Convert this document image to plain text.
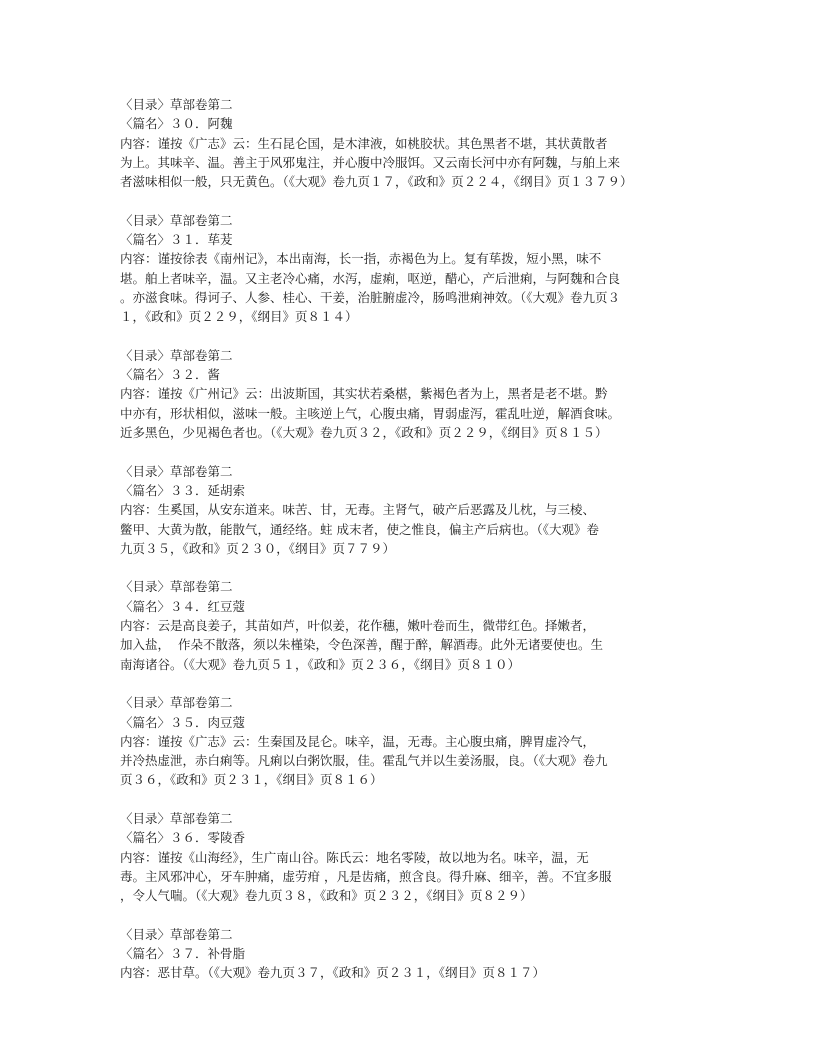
〈目录〉草部卷第二
〈篇名〉３０．阿魏
内容：谨按《广志》云：生石昆仑国，是木津液，如桃胶状。其色黑者不堪，其状黄散者
为上。其味辛、温。善主于风邪鬼注，并心腹中冷服饵。又云南长河中亦有阿魏，与舶上来
者滋味相似一般，只无黄色。（《大观》卷九页１７，《政和》页２２４，《纲目》页１３７９）
〈目录〉草部卷第二
〈篇名〉３１．荜茇
内容：谨按徐表《南州记》，本出南海，长一指，赤褐色为上。复有荜拨，短小黑，味不
堪。舶上者味辛，温。又主老冷心痛，水泻，虚痢，呕逆，醋心，产后泄痢，与阿魏和合良
。亦滋食味。得诃子、人参、桂心、干姜，治脏腑虚冷，肠鸣泄痢神效。（《大观》卷九页３
１，《政和》页２２９，《纲目》页８１４）
〈目录〉草部卷第二
〈篇名〉３２．酱
内容：谨按《广州记》云：出波斯国，其实状若桑椹，紫褐色者为上，黑者是老不堪。黔
中亦有，形状相似，滋味一般。主咳逆上气，心腹虫痛，胃弱虚泻，霍乱吐逆，解酒食味。
近多黑色，少见褐色者也。（《大观》卷九页３２，《政和》页２２９，《纲目》页８１５）
〈目录〉草部卷第二
〈篇名〉３３．延胡索
内容：生奚国，从安东道来。味苦、甘，无毒。主肾气，破产后恶露及儿枕，与三棱、
鳖甲、大黄为散，能散气，通经络。蛀 成末者，使之惟良，偏主产后病也。（《大观》卷
九页３５，《政和》页２３０，《纲目》页７７９）
〈目录〉草部卷第二
〈篇名〉３４．红豆蔻
内容：云是高良姜子，其苗如芦，叶似姜，花作穗，嫩叶卷而生，微带红色。择嫩者，
加入盐，  作朵不散落，须以朱槿染，令色深善，醒于醉，解酒毒。此外无诸要使也。生
南海诸谷。（《大观》卷九页５１，《政和》页２３６，《纲目》页８１０）
〈目录〉草部卷第二
〈篇名〉３５．肉豆蔻
内容：谨按《广志》云：生秦国及昆仑。味辛，温，无毒。主心腹虫痛，脾胃虚冷气，
并冷热虚泄，赤白痢等。凡痢以白粥饮服，佳。霍乱气并以生姜汤服，良。（《大观》卷九
页３６，《政和》页２３１，《纲目》页８１６）
〈目录〉草部卷第二
〈篇名〉３６．零陵香
内容：谨按《山海经》，生广南山谷。陈氏云：地名零陵，故以地为名。味辛，温，无
毒。主风邪冲心，牙车肿痛，虚劳疳 ，凡是齿痛，煎含良。得升麻、细辛，善。不宜多服
，令人气喘。（《大观》卷九页３８，《政和》页２３２，《纲目》页８２９）
〈目录〉草部卷第二
〈篇名〉３７．补骨脂
内容：恶甘草。（《大观》卷九页３７，《政和》页２３１，《纲目》页８１７）
